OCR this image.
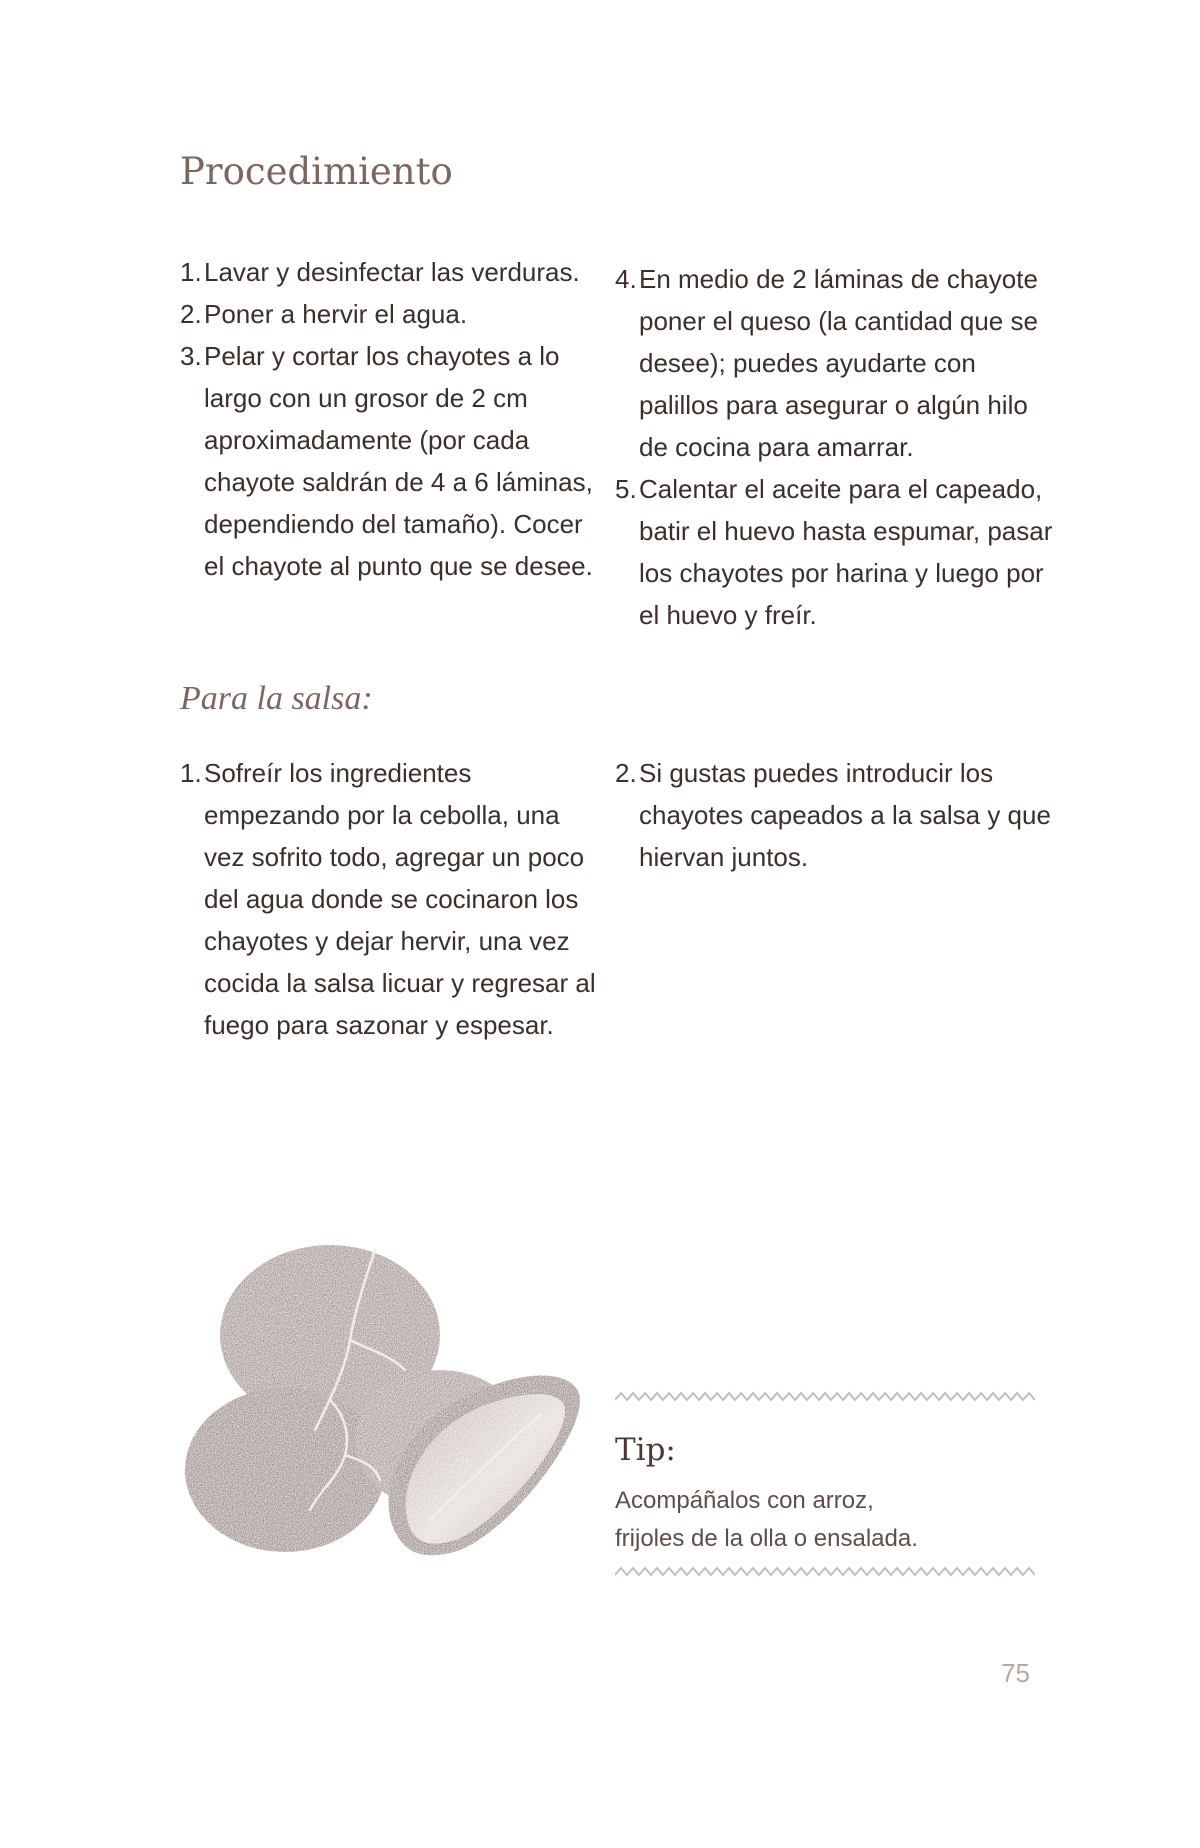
Procedimiento
1. Lavar y desinfectar las verduras.
2. Poner a hervir el agua.
3. Pelar y cortar los chayotes a lo largo con un grosor de 2 cm aproximadamente (por cada chayote saldrán de 4 a 6 láminas, dependiendo del tamaño). Cocer el chayote al punto que se desee.
4. En medio de 2 láminas de chayote poner el queso (la cantidad que se desee); puedes ayudarte con palillos para asegurar o algún hilo de cocina para amarrar.
5. Calentar el aceite para el capeado, batir el huevo hasta espumar, pasar los chayotes por harina y luego por el huevo y freír.
Para la salsa:
1. Sofreír los ingredientes empezando por la cebolla, una vez sofrito todo, agregar un poco del agua donde se cocinaron los chayotes y dejar hervir, una vez cocida la salsa licuar y regresar al fuego para sazonar y espesar.
2. Si gustas puedes introducir los chayotes capeados a la salsa y que hiervan juntos.
Tip:

Acompáñalos con arroz,
frijoles de la olla o ensalada.

75
